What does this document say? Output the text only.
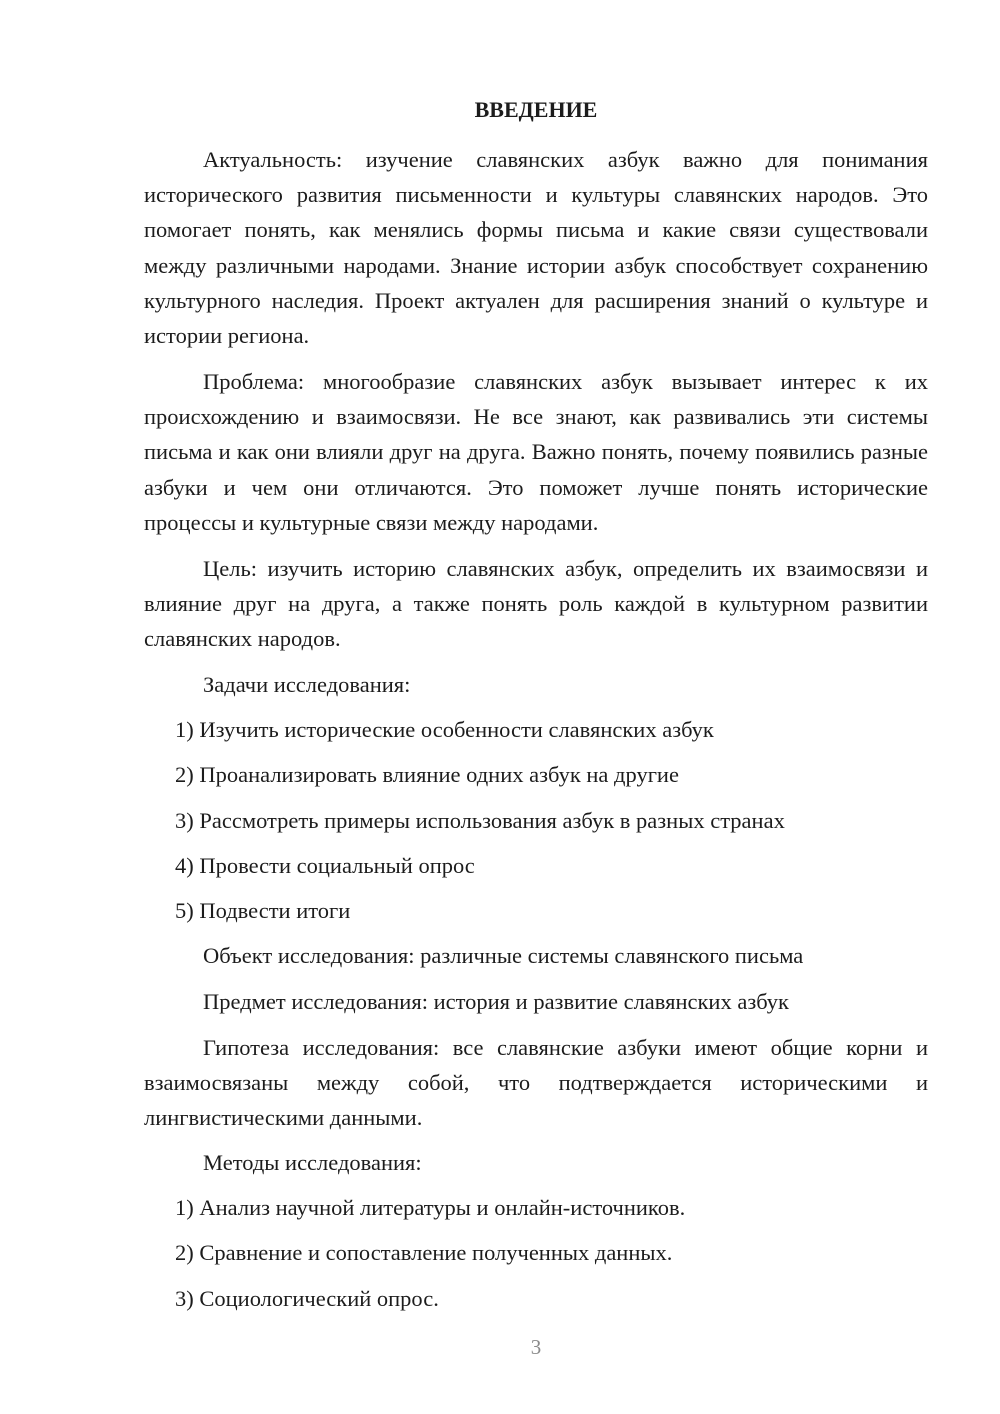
ВВЕДЕНИЕ

Актуальность: изучение славянских азбук важно для понимания исторического развития письменности и культуры славянских народов. Это помогает понять, как менялись формы письма и какие связи существовали между различными народами. Знание истории азбук способствует сохранению культурного наследия. Проект актуален для расширения знаний о культуре и истории региона.

Проблема: многообразие славянских азбук вызывает интерес к их происхождению и взаимосвязи. Не все знают, как развивались эти системы письма и как они влияли друг на друга. Важно понять, почему появились разные азбуки и чем они отличаются. Это поможет лучше понять исторические процессы и культурные связи между народами.

Цель: изучить историю славянских азбук, определить их взаимосвязи и влияние друг на друга, а также понять роль каждой в культурном развитии славянских народов.

Задачи исследования:
1) Изучить исторические особенности славянских азбук
2) Проанализировать влияние одних азбук на другие
3) Рассмотреть примеры использования азбук в разных странах
4) Провести социальный опрос
5) Подвести итоги
Объект исследования: различные системы славянского письма
Предмет исследования: история и развитие славянских азбук

Гипотеза исследования: все славянские азбуки имеют общие корни и взаимосвязаны между собой, что подтверждается историческими и лингвистическими данными.

Методы исследования:
1) Анализ научной литературы и онлайн-источников.
2) Сравнение и сопоставление полученных данных.
3) Социологический опрос.
3
